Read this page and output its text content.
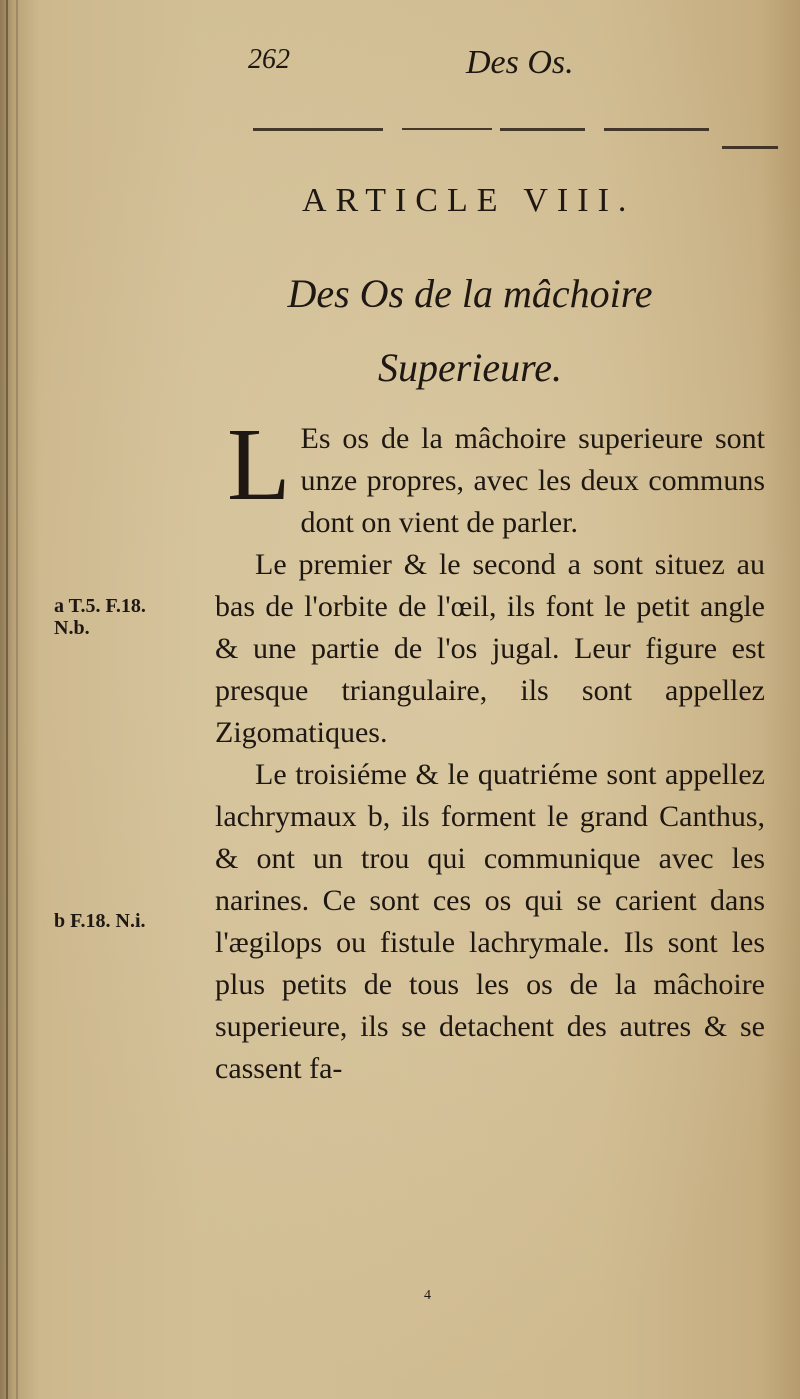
262	Des Os.
ARTICLE VIII.
Des Os de la mâchoire
Superieure.
L Es os de la mâchoire superieure sont unze propres, avec les deux communs dont on vient de parler.

Le premier & le second a sont situez au bas de l'orbite de l'œil, ils font le petit angle & une partie de l'os jugal. Leur figure est presque triangulaire, ils sont appellez Zigomatiques.

Le troisiéme & le quatriéme sont appellez lachrymaux b, ils forment le grand Canthus, & ont un trou qui communique avec les narines. Ce sont ces os qui se carient dans l'ægilops ou fistule lachrymale. Ils sont les plus petits de tous les os de la mâchoire superieure, ils se detachent des autres & se cassent fa-

a T.5. F.18.
N.b.
b F.18. N.i.
4
